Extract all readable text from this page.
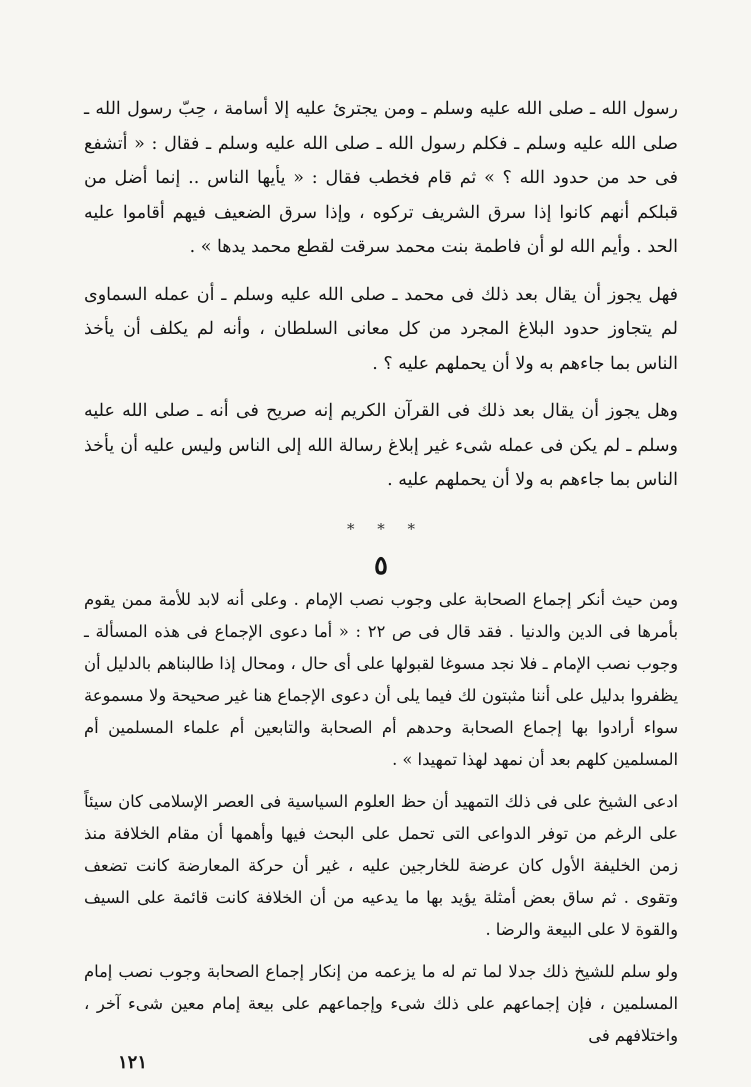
رسول الله ـ صلى الله عليه وسلم ـ ومن يجترئ عليه إلا أسامة ، حِبّ رسول الله ـ صلى الله عليه وسلم ـ فكلم رسول الله ـ صلى الله عليه وسلم ـ فقال : « أتشفع فى حد من حدود الله ؟ » ثم قام فخطب فقال : « يأيها الناس .. إنما أضل من قبلكم أنهم كانوا إذا سرق الشريف تركوه ، وإذا سرق الضعيف فيهم أقاموا عليه الحد . وأيم الله لو أن فاطمة بنت محمد سرقت لقطع محمد يدها » .

فهل يجوز أن يقال بعد ذلك فى محمد ـ صلى الله عليه وسلم ـ أن عمله السماوى لم يتجاوز حدود البلاغ المجرد من كل معانى السلطان ، وأنه لم يكلف أن يأخذ الناس بما جاءهم به ولا أن يحملهم عليه ؟ .

وهل يجوز أن يقال بعد ذلك فى القرآن الكريم إنه صريح فى أنه ـ صلى الله عليه وسلم ـ لم يكن فى عمله شىء غير إبلاغ رسالة الله إلى الناس وليس عليه أن يأخذ الناس بما جاءهم به ولا أن يحملهم عليه .

* * *
٥

ومن حيث أنكر إجماع الصحابة على وجوب نصب الإمام . وعلى أنه لابد للأمة ممن يقوم بأمرها فى الدين والدنيا . فقد قال فى ص ٢٢ : « أما دعوى الإجماع فى هذه المسألة ـ وجوب نصب الإمام ـ فلا نجد مسوغا لقبولها على أى حال ، ومحال إذا طالبناهم بالدليل أن يظفروا بدليل على أننا مثبتون لك فيما يلى أن دعوى الإجماع هنا غير صحيحة ولا مسموعة سواء أرادوا بها إجماع الصحابة وحدهم أم الصحابة والتابعين أم علماء المسلمين أم المسلمين كلهم بعد أن نمهد لهذا تمهيدا » .

ادعى الشيخ على فى ذلك التمهيد أن حظ العلوم السياسية فى العصر الإسلامى كان سيئاً على الرغم من توفر الدواعى التى تحمل على البحث فيها وأهمها أن مقام الخلافة منذ زمن الخليفة الأول كان عرضة للخارجين عليه ، غير أن حركة المعارضة كانت تضعف وتقوى . ثم ساق بعض أمثلة يؤيد بها ما يدعيه من أن الخلافة كانت قائمة على السيف والقوة لا على البيعة والرضا .

ولو سلم للشيخ ذلك جدلا لما تم له ما يزعمه من إنكار إجماع الصحابة وجوب نصب إمام المسلمين ، فإن إجماعهم على ذلك شىء وإجماعهم على بيعة إمام معين شىء آخر ، واختلافهم فى

١٢١
